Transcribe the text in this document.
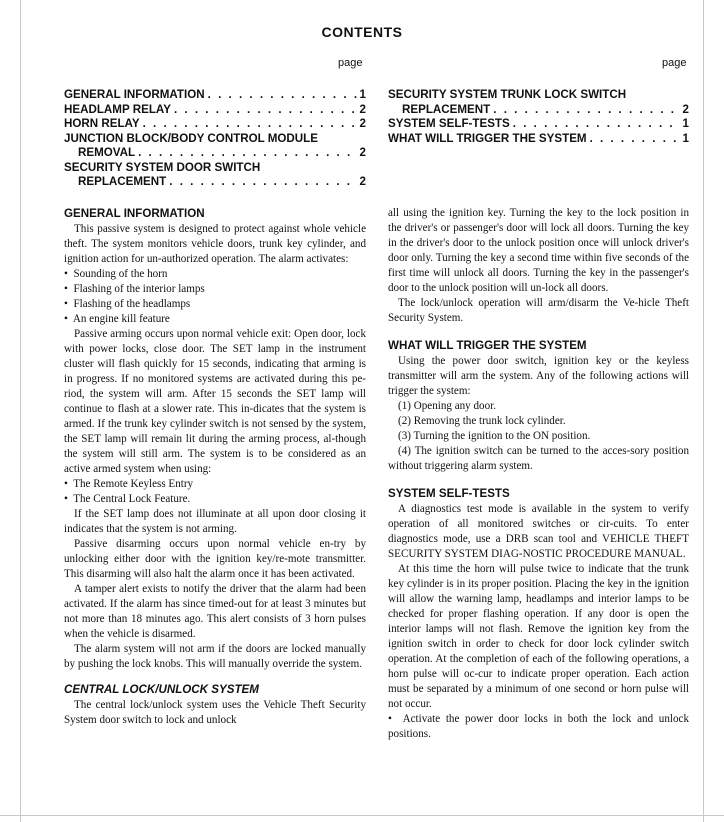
CONTENTS
page	page
GENERAL INFORMATION . . .	1
HEADLAMP RELAY . . .	2
HORN RELAY . . .	2
JUNCTION BLOCK/BODY CONTROL MODULE
REMOVAL . . .	2
SECURITY SYSTEM DOOR SWITCH
REPLACEMENT . . .	2
SECURITY SYSTEM TRUNK LOCK SWITCH
REPLACEMENT . . .	2
SYSTEM SELF-TESTS . . .	1
WHAT WILL TRIGGER THE SYSTEM . . .	1
GENERAL INFORMATION

This passive system is designed to protect against whole vehicle theft. The system monitors vehicle doors, trunk key cylinder, and ignition action for un-authorized operation. The alarm activates:

•  Sounding of the horn

•  Flashing of the interior lamps

•  Flashing of the headlamps

•  An engine kill feature

Passive arming occurs upon normal vehicle exit: Open door, lock with power locks, close door. The SET lamp in the instrument cluster will flash quickly for 15 seconds, indicating that arming is in progress. If no monitored systems are activated during this pe-riod, the system will arm. After 15 seconds the SET lamp will continue to flash at a slower rate. This in-dicates that the system is armed. If the trunk key cylinder switch is not sensed by the system, the SET lamp will remain lit during the arming process, al-though the system will still arm. The system is to be considered as an active armed system when using:

•  The Remote Keyless Entry

•  The Central Lock Feature.

If the SET lamp does not illuminate at all upon door closing it indicates that the system is not arming.

Passive disarming occurs upon normal vehicle en-try by unlocking either door with the ignition key/re-mote transmitter. This disarming will also halt the alarm once it has been activated.

A tamper alert exists to notify the driver that the alarm had been activated. If the alarm has since timed-out for at least 3 minutes but not more than 18 minutes ago. This alert consists of 3 horn pulses when the vehicle is disarmed.

The alarm system will not arm if the doors are locked manually by pushing the lock knobs. This will manually override the system.

CENTRAL LOCK/UNLOCK SYSTEM

The central lock/unlock system uses the Vehicle Theft Security System door switch to lock and unlock

all using the ignition key. Turning the key to the lock position in the driver's or passenger's door will lock all doors. Turning the key in the driver's door to the unlock position once will unlock driver's door only. Turning the key a second time within five seconds of the first time will unlock all doors. Turning the key in the passenger's door to the unlock position will un-lock all doors.

The lock/unlock operation will arm/disarm the Ve-hicle Theft Security System.

WHAT WILL TRIGGER THE SYSTEM

Using the power door switch, ignition key or the keyless transmitter will arm the system. Any of the following actions will trigger the system:

(1) Opening any door.

(2) Removing the trunk lock cylinder.

(3) Turning the ignition to the ON position.

(4) The ignition switch can be turned to the acces-sory position without triggering alarm system.

SYSTEM SELF-TESTS

A diagnostics test mode is available in the system to verify operation of all monitored switches or cir-cuits. To enter diagnostics mode, use a DRB scan tool and VEHICLE THEFT SECURITY SYSTEM DIAG-NOSTIC PROCEDURE MANUAL.

At this time the horn will pulse twice to indicate that the trunk key cylinder is in its proper position. Placing the key in the ignition will allow the warning lamp, headlamps and interior lamps to be checked for proper flashing operation. If any door is open the interior lamps will not flash. Remove the ignition key from the ignition switch in order to check for door lock cylinder switch operation. At the completion of each of the following operations, a horn pulse will oc-cur to indicate proper operation. Each action must be separated by a minimum of one second or horn pulse will not occur.

•  Activate the power door locks in both the lock and unlock positions.
